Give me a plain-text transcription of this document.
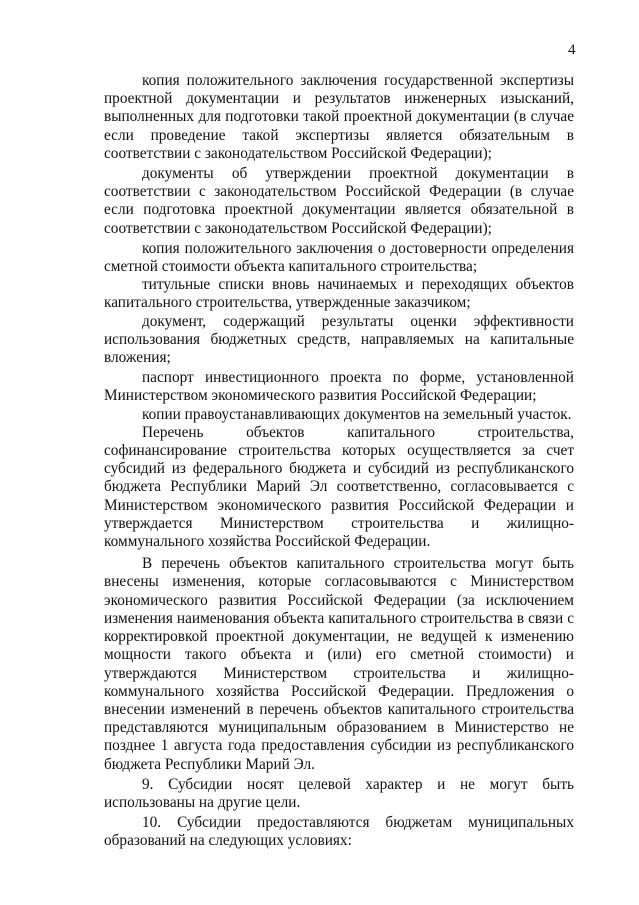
4

копия положительного заключения государственной экспертизы проектной документации и результатов инженерных изысканий, выполненных для подготовки такой проектной документации (в случае если проведение такой экспертизы является обязательным в соответствии с законодательством Российской Федерации);

документы об утверждении проектной документации в соответствии с законодательством Российской Федерации (в случае если подготовка проектной документации является обязательной в соответствии с законодательством Российской Федерации);

копия положительного заключения о достоверности определения сметной стоимости объекта капитального строительства;

титульные списки вновь начинаемых и переходящих объектов капитального строительства, утвержденные заказчиком;

документ, содержащий результаты оценки эффективности использования бюджетных средств, направляемых на капитальные вложения;

паспорт инвестиционного проекта по форме, установленной Министерством экономического развития Российской Федерации;

копии правоустанавливающих документов на земельный участок.

Перечень объектов капитального строительства, софинансирование строительства которых осуществляется за счет субсидий из федерального бюджета и субсидий из республиканского бюджета Республики Марий Эл соответственно, согласовывается с Министерством экономического развития Российской Федерации и утверждается Министерством строительства и жилищно-коммунального хозяйства Российской Федерации.

В перечень объектов капитального строительства могут быть внесены изменения, которые согласовываются с Министерством экономического развития Российской Федерации (за исключением изменения наименования объекта капитального строительства в связи с корректировкой проектной документации, не ведущей к изменению мощности такого объекта и (или) его сметной стоимости) и утверждаются Министерством строительства и жилищно-коммунального хозяйства Российской Федерации. Предложения о внесении изменений в перечень объектов капитального строительства представляются муниципальным образованием в Министерство не позднее 1 августа года предоставления субсидии из республиканского бюджета Республики Марий Эл.

9. Субсидии носят целевой характер и не могут быть использованы на другие цели.

10. Субсидии предоставляются бюджетам муниципальных образований на следующих условиях:
